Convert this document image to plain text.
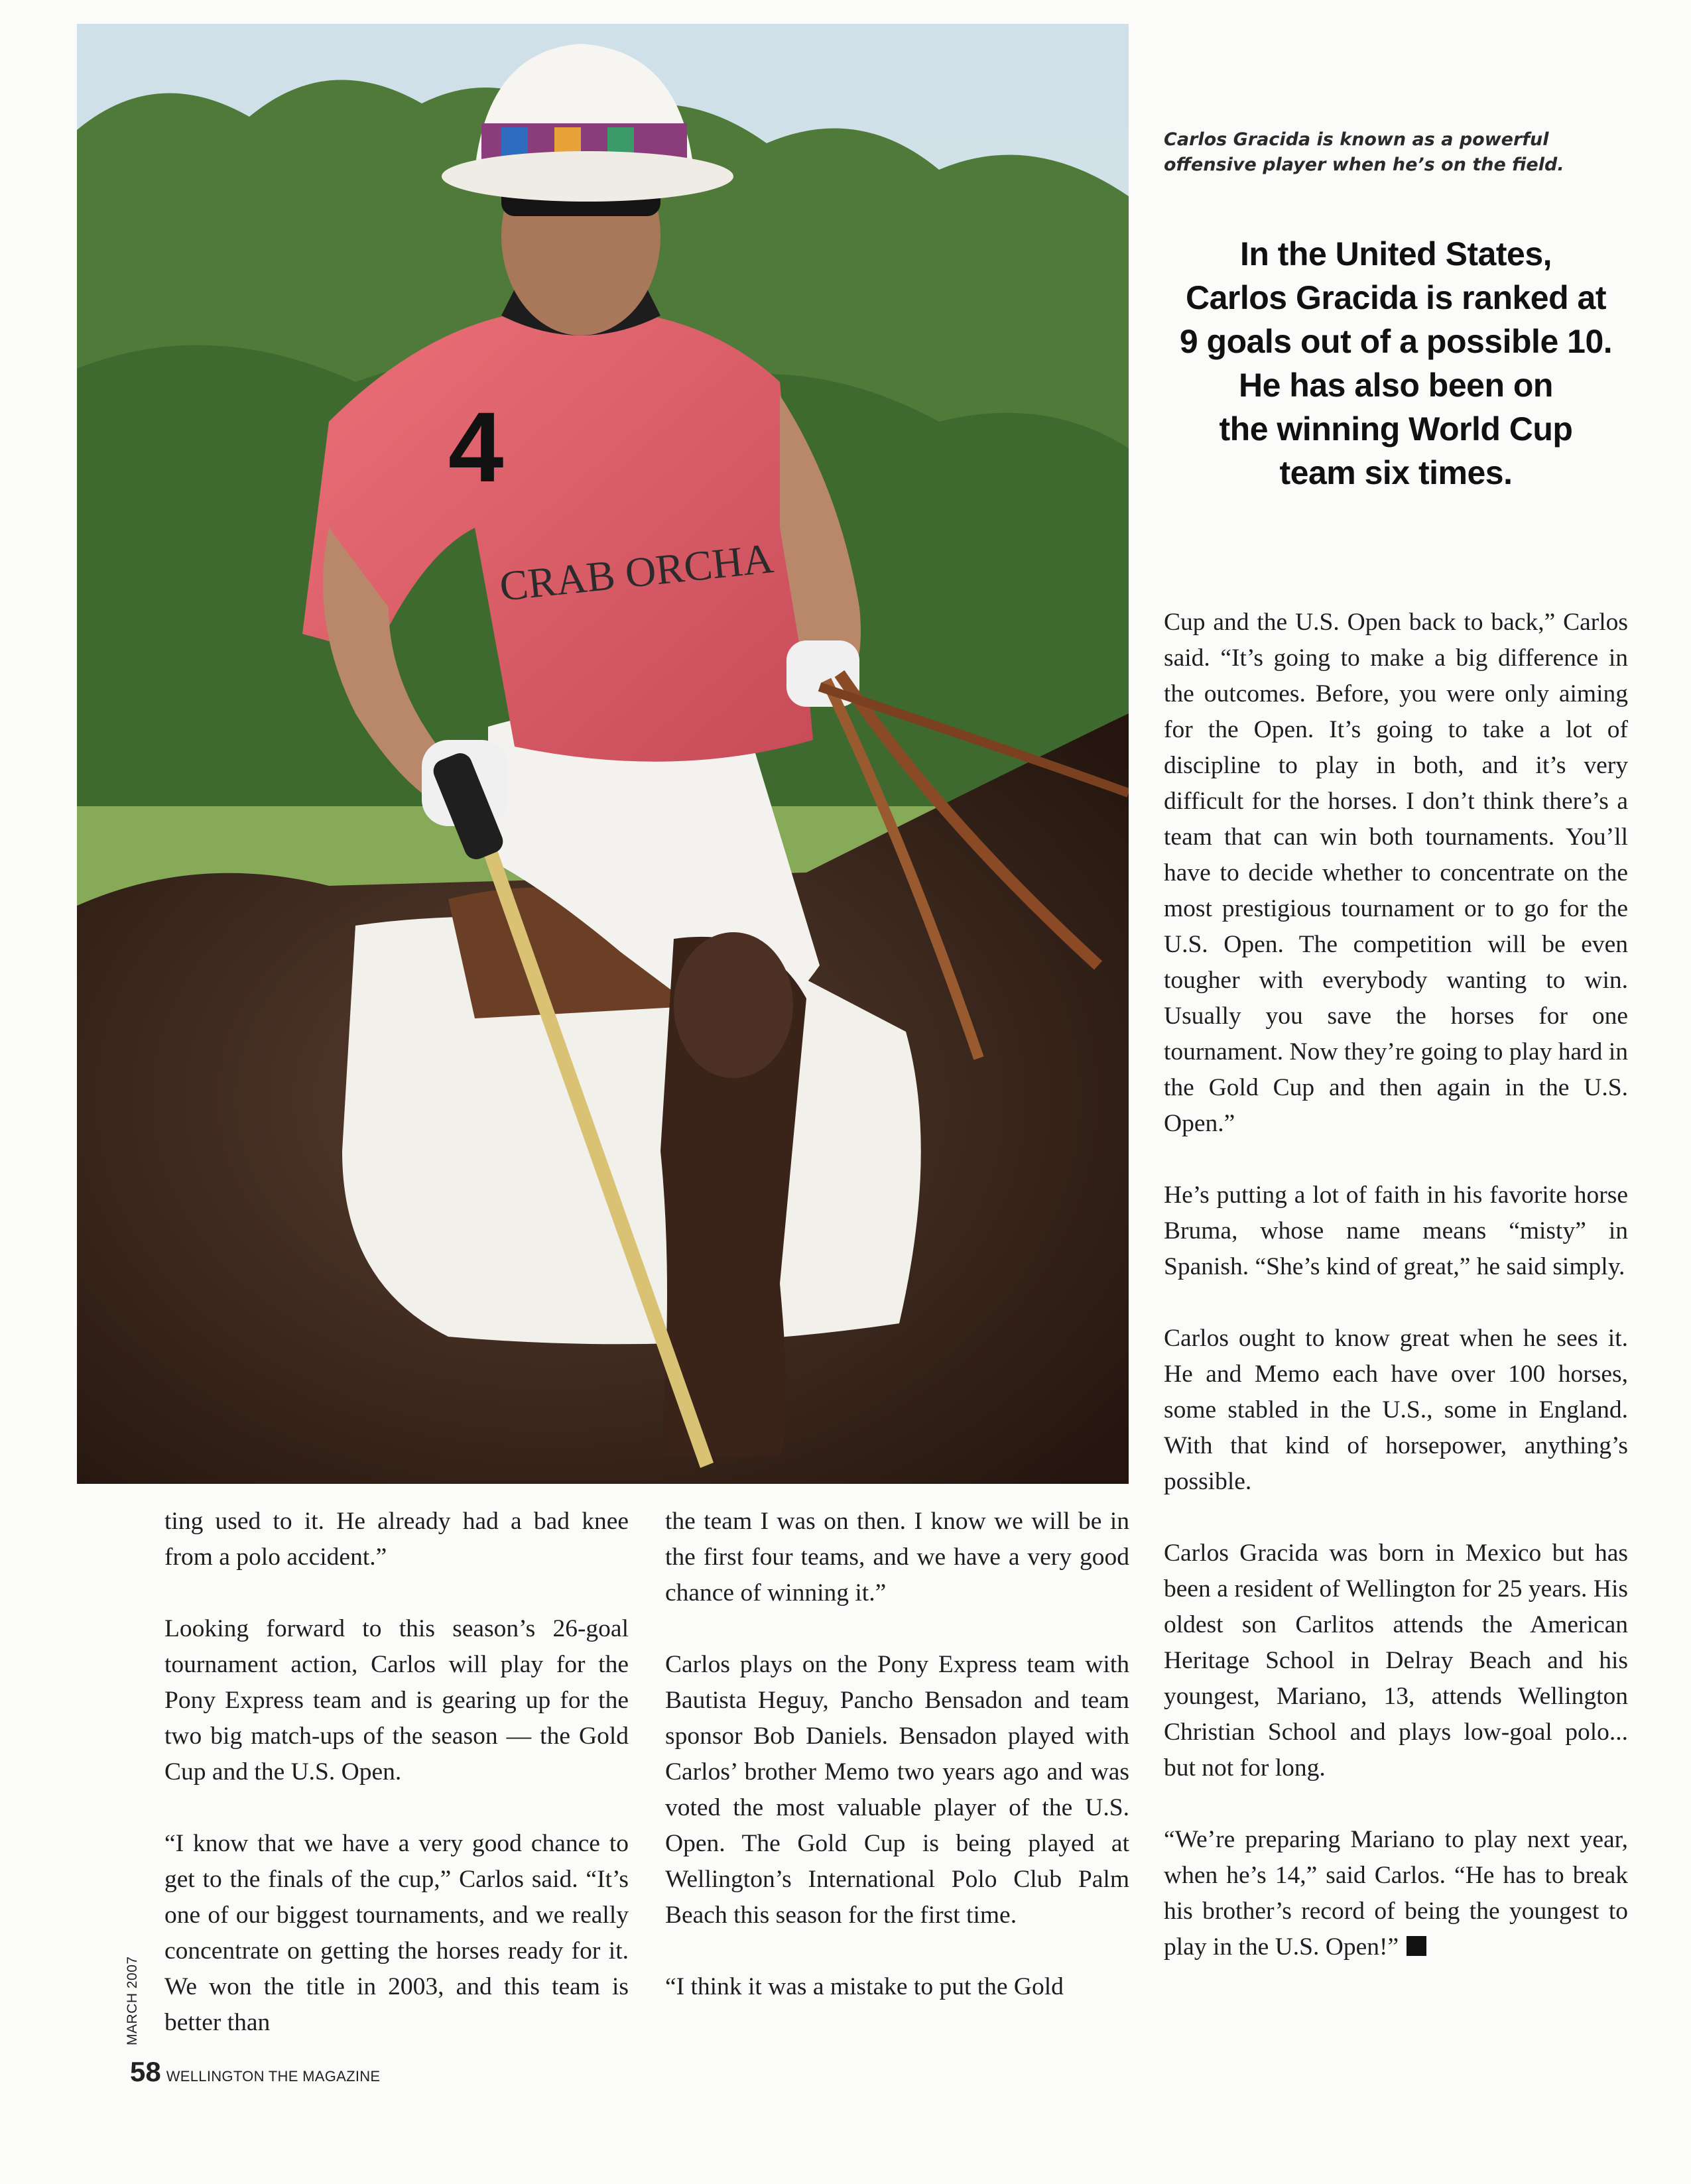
4
CRAB ORCHA
Carlos Gracida is known as a powerful offensive player when he’s on the field.
In the United States,
Carlos Gracida is ranked at
9 goals out of a possible 10.
He has also been on
the winning World Cup
team six times.

Cup and the U.S. Open back to back,” Carlos said. “It’s going to make a big difference in the outcomes. Before, you were only aiming for the Open. It’s going to take a lot of discipline to play in both, and it’s very difficult for the horses. I don’t think there’s a team that can win both tournaments. You’ll have to decide whether to concentrate on the most prestigious tournament or to go for the U.S. Open. The competition will be even tougher with everybody wanting to win. Usually you save the horses for one tournament. Now they’re going to play hard in the Gold Cup and then again in the U.S. Open.”

He’s putting a lot of faith in his favorite horse Bruma, whose name means “misty” in Spanish. “She’s kind of great,” he said simply.

Carlos ought to know great when he sees it. He and Memo each have over 100 horses, some stabled in the U.S., some in England. With that kind of horsepower, anything’s possible.

Carlos Gracida was born in Mexico but has been a resident of Wellington for 25 years. His oldest son Carlitos attends the American Heritage School in Delray Beach and his youngest, Mariano, 13, attends Wellington Christian School and plays low-goal polo... but not for long.

“We’re preparing Mariano to play next year, when he’s 14,” said Carlos. “He has to break his brother’s record of being the youngest to play in the U.S. Open!”

ting used to it. He already had a bad knee from a polo accident.”

Looking forward to this season’s 26-goal tournament action, Carlos will play for the Pony Express team and is gearing up for the two big match-ups of the season — the Gold Cup and the U.S. Open.

“I know that we have a very good chance to get to the finals of the cup,” Carlos said. “It’s one of our biggest tournaments, and we really concentrate on getting the horses ready for it. We won the title in 2003, and this team is better than

the team I was on then. I know we will be in the first four teams, and we have a very good chance of winning it.”

Carlos plays on the Pony Express team with Bautista Heguy, Pancho Bensadon and team sponsor Bob Daniels. Bensadon played with Carlos’ brother Memo two years ago and was voted the most valuable player of the U.S. Open. The Gold Cup is being played at Wellington’s International Polo Club Palm Beach this season for the first time.

“I think it was a mistake to put the Gold

MARCH 2007
58 WELLINGTON THE MAGAZINE
